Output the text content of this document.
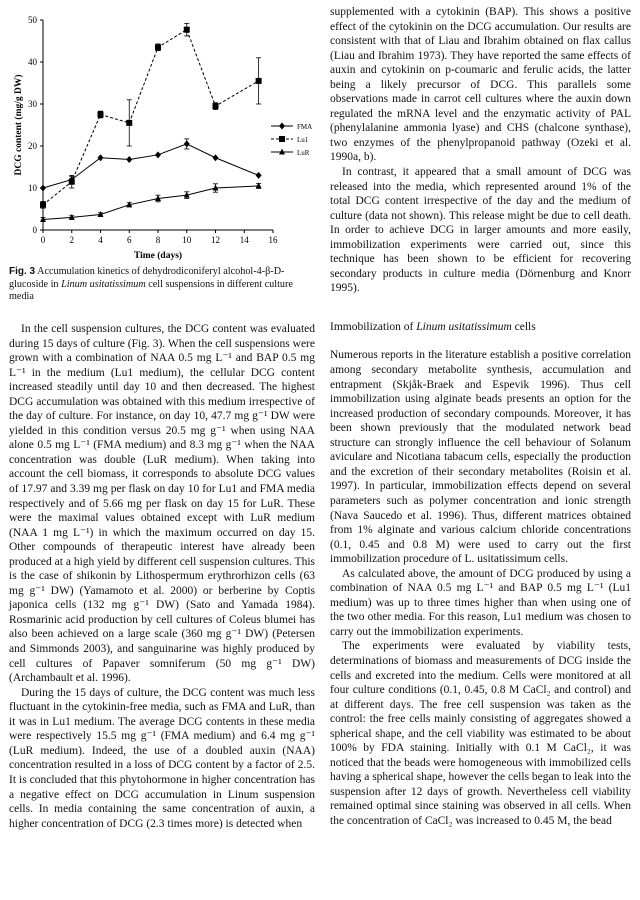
0	2	4	6	8 10 12 14 16
0
10
20
30
40
50
Time (days)
DCG content (mg/g DW)	FMA
Lu1
LuR
Fig. 3 Accumulation kinetics of dehydrodiconiferyl alcohol-4-β-D-glucoside in Linum usitatissimum cell suspensions in different culture media

In the cell suspension cultures, the DCG content was evaluated during 15 days of culture (Fig. 3). When the cell suspensions were grown with a combination of NAA 0.5 mg L⁻¹ and BAP 0.5 mg L⁻¹ in the medium (Lu1 medium), the cellular DCG content increased steadily until day 10 and then decreased. The highest DCG accumulation was obtained with this medium irrespective of the day of culture. For instance, on day 10, 47.7 mg g⁻¹ DW were yielded in this condition versus 20.5 mg g⁻¹ when using NAA alone 0.5 mg L⁻¹ (FMA medium) and 8.3 mg g⁻¹ when the NAA concentration was double (LuR medium). When taking into account the cell biomass, it corresponds to absolute DCG values of 17.97 and 3.39 mg per flask on day 10 for Lu1 and FMA media respectively and of 5.66 mg per flask on day 15 for LuR. These were the maximal values obtained except with LuR medium (NAA 1 mg L⁻¹) in which the maximum occurred on day 15. Other compounds of therapeutic interest have already been produced at a high yield by different cell suspension cultures. This is the case of shikonin by Lithospermum erythrorhizon cells (63 mg g⁻¹ DW) (Yamamoto et al. 2000) or berberine by Coptis japonica cells (132 mg g⁻¹ DW) (Sato and Yamada 1984). Rosmarinic acid production by cell cultures of Coleus blumei has also been achieved on a large scale (360 mg g⁻¹ DW) (Petersen and Simmonds 2003), and sanguinarine was highly produced by cell cultures of Papaver somniferum (50 mg g⁻¹ DW) (Archambault et al. 1996).

During the 15 days of culture, the DCG content was much less fluctuant in the cytokinin-free media, such as FMA and LuR, than it was in Lu1 medium. The average DCG contents in these media were respectively 15.5 mg g⁻¹ (FMA medium) and 6.4 mg g⁻¹ (LuR medium). Indeed, the use of a doubled auxin (NAA) concentration resulted in a loss of DCG content by a factor of 2.5. It is concluded that this phytohormone in higher concentration has a negative effect on DCG accumulation in Linum suspension cells. In media containing the same concentration of auxin, a higher concentration of DCG (2.3 times more) is detected when

supplemented with a cytokinin (BAP). This shows a positive effect of the cytokinin on the DCG accumulation. Our results are consistent with that of Liau and Ibrahim obtained on flax callus (Liau and Ibrahim 1973). They have reported the same effects of auxin and cytokinin on p-coumaric and ferulic acids, the latter being a likely precursor of DCG. This parallels some observations made in carrot cell cultures where the auxin down regulated the mRNA level and the enzymatic activity of PAL (phenylalanine ammonia lyase) and CHS (chalcone synthase), two enzymes of the phenylpropanoid pathway (Ozeki et al. 1990a, b).

In contrast, it appeared that a small amount of DCG was released into the media, which represented around 1% of the total DCG content irrespective of the day and the medium of culture (data not shown). This release might be due to cell death. In order to achieve DCG in larger amounts and more easily, immobilization experiments were carried out, since this technique has been shown to be efficient for recovering secondary products in culture media (Dörnenburg and Knorr 1995).

Immobilization of Linum usitatissimum cells

Numerous reports in the literature establish a positive correlation among secondary metabolite synthesis, accumulation and entrapment (Skjåk-Braek and Espevik 1996). Thus cell immobilization using alginate beads presents an option for the increased production of secondary compounds. Moreover, it has been shown previously that the modulated network bead structure can strongly influence the cell behaviour of Solanum aviculare and Nicotiana tabacum cells, especially the production and the excretion of their secondary metabolites (Roisin et al. 1997). In particular, immobilization effects depend on several parameters such as polymer concentration and ionic strength (Nava Saucedo et al. 1996). Thus, different matrices obtained from 1% alginate and various calcium chloride concentrations (0.1, 0.45 and 0.8 M) were used to carry out the first immobilization procedure of L. usitatissimum cells.

As calculated above, the amount of DCG produced by using a combination of NAA 0.5 mg L⁻¹ and BAP 0.5 mg L⁻¹ (Lu1 medium) was up to three times higher than when using one of the two other media. For this reason, Lu1 medium was chosen to carry out the immobilization experiments.

The experiments were evaluated by viability tests, determinations of biomass and measurements of DCG inside the cells and excreted into the medium. Cells were monitored at all four culture conditions (0.1, 0.45, 0.8 M CaCl₂ and control) and at different days. The free cell suspension was taken as the control: the free cells mainly consisting of aggregates showed a spherical shape, and the cell viability was estimated to be about 100% by FDA staining. Initially with 0.1 M CaCl₂, it was noticed that the beads were homogeneous with immobilized cells having a spherical shape, however the cells began to leak into the suspension after 12 days of growth. Nevertheless cell viability remained optimal since staining was observed in all cells. When the concentration of CaCl₂ was increased to 0.45 M, the bead
